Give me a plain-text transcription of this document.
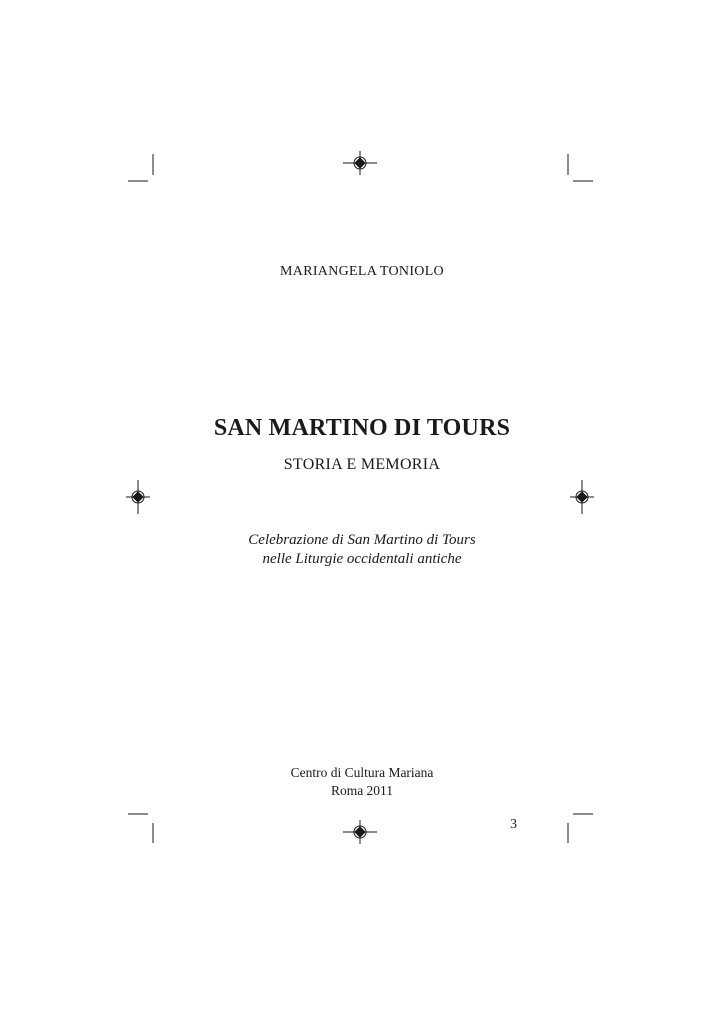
MARIANGELA TONIOLO
SAN MARTINO DI TOURS
STORIA E MEMORIA
Celebrazione di San Martino di Tours
nelle Liturgie occidentali antiche
Centro di Cultura Mariana
Roma 2011
3
